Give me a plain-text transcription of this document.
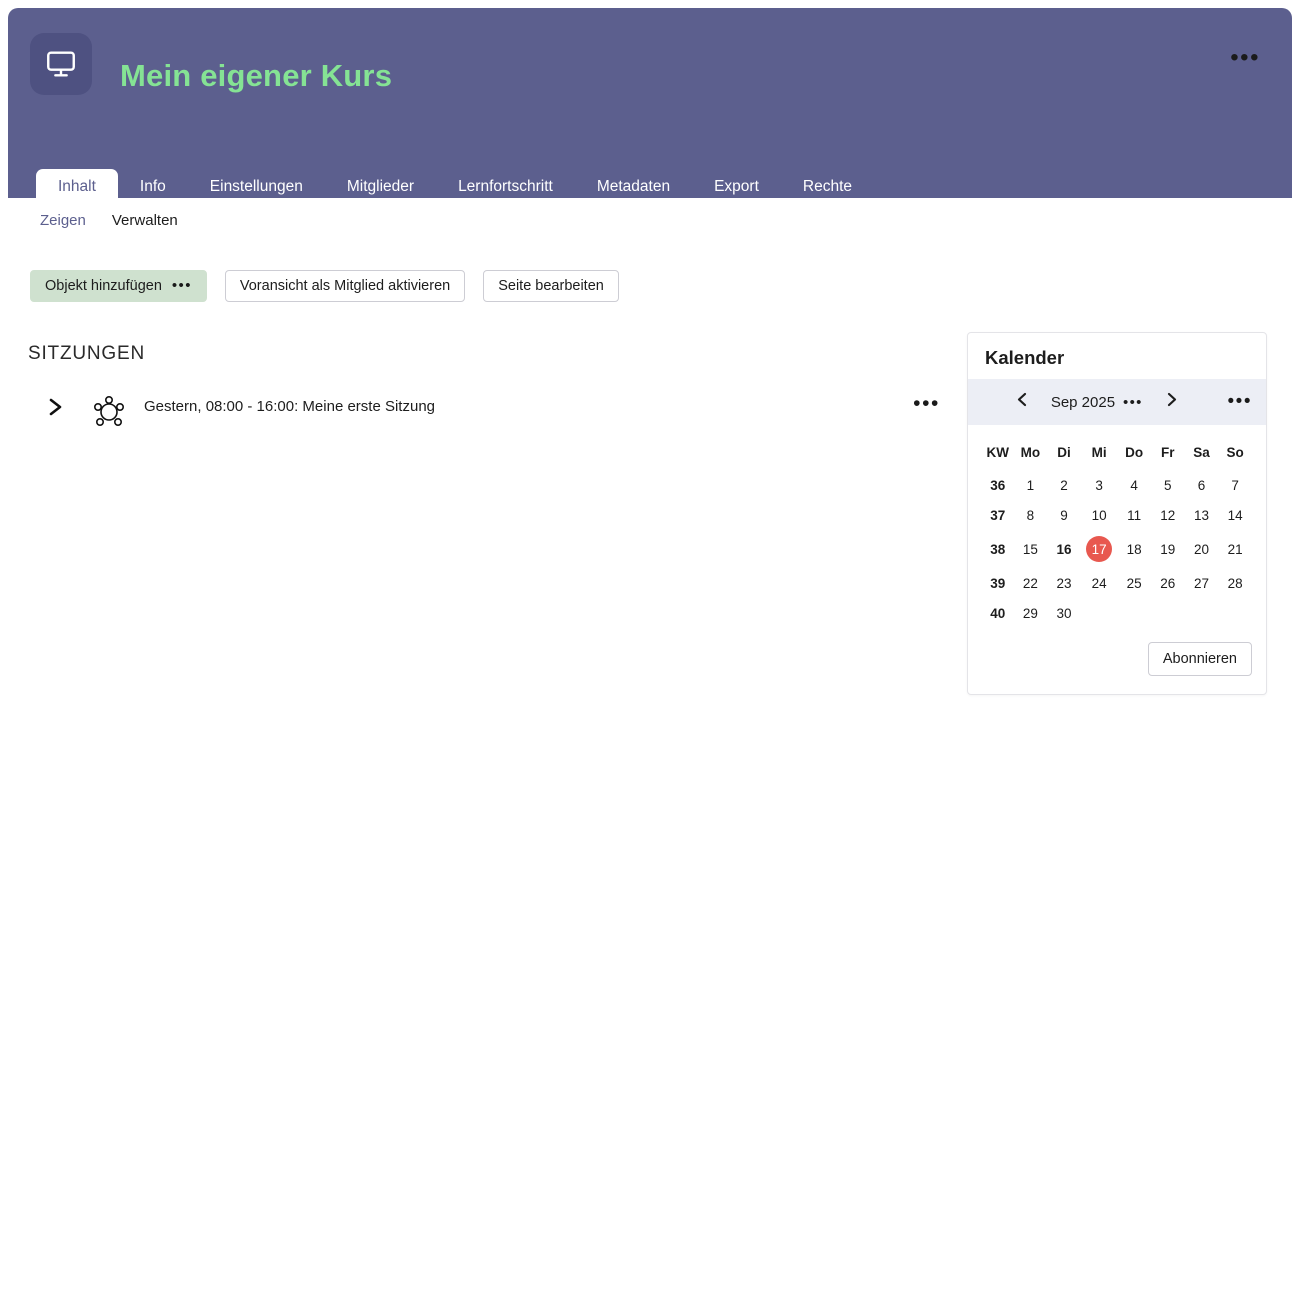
Mein eigener Kurs
•••
Inhalt	Info	Einstellungen	Mitglieder	Lernfortschritt	Metadaten	Export	Rechte
Zeigen Verwalten
Objekt hinzufügen •••	Voransicht als Mitglied aktivieren	Seite bearbeiten
SITZUNGEN
Gestern, 08:00 - 16:00: Meine erste Sitzung	•••
Kalender
Sep 2025 •••	•••
KW	Mo	Di	Mi	Do	Fr	Sa	So
36	1	2	3	4	5	6	7
37	8	9	10	11	12	13	14
38	15	16	17	18	19	20	21
39	22	23	24	25	26	27	28
40	29	30					
Abonnieren
